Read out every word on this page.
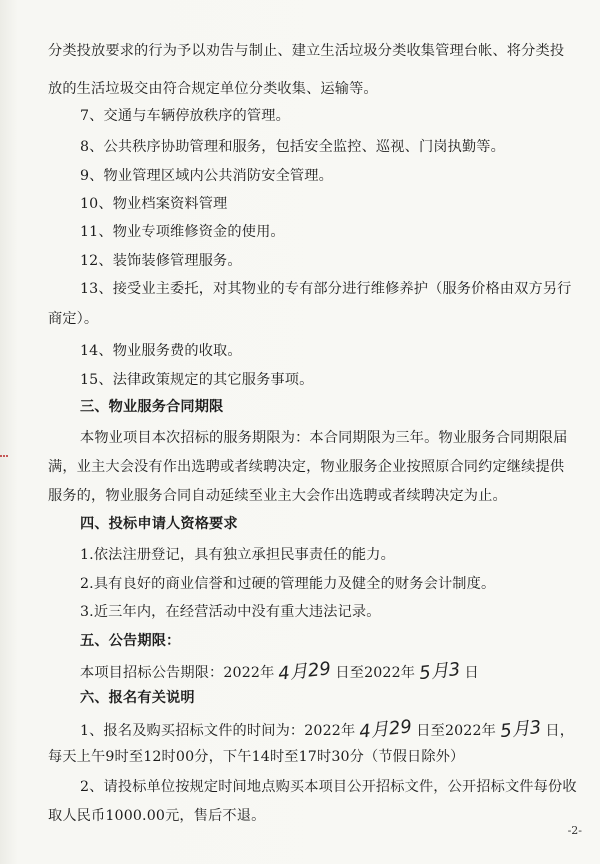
分类投放要求的行为予以劝告与制止、建立生活垃圾分类收集管理台帐、将分类投
放的生活垃圾交由符合规定单位分类收集、运输等。
7、交通与车辆停放秩序的管理。
8、公共秩序协助管理和服务，包括安全监控、巡视、门岗执勤等。
9、物业管理区域内公共消防安全管理。
10、物业档案资料管理
11、物业专项维修资金的使用。
12、装饰装修管理服务。
13、接受业主委托，对其物业的专有部分进行维修养护（服务价格由双方另行
商定）。
14、物业服务费的收取。
15、法律政策规定的其它服务事项。
三、物业服务合同期限
本物业项目本次招标的服务期限为：本合同期限为三年。物业服务合同期限届
满，业主大会没有作出选聘或者续聘决定，物业服务企业按照原合同约定继续提供
服务的，物业服务合同自动延续至业主大会作出选聘或者续聘决定为止。
四、投标申请人资格要求
1.依法注册登记，具有独立承担民事责任的能力。
2.具有良好的商业信誉和过硬的管理能力及健全的财务会计制度。
3.近三年内，在经营活动中没有重大违法记录。
五、公告期限：
本项目招标公告期限：2022年 4月29 日至2022年 5月3 日
六、报名有关说明
1、报名及购买招标文件的时间为：2022年 4月29 日至2022年 5月3 日，
每天上午9时至12时00分，下午14时至17时30分（节假日除外）
2、请投标单位按规定时间地点购买本项目公开招标文件，公开招标文件每份收
取人民币1000.00元，售后不退。
-2-
